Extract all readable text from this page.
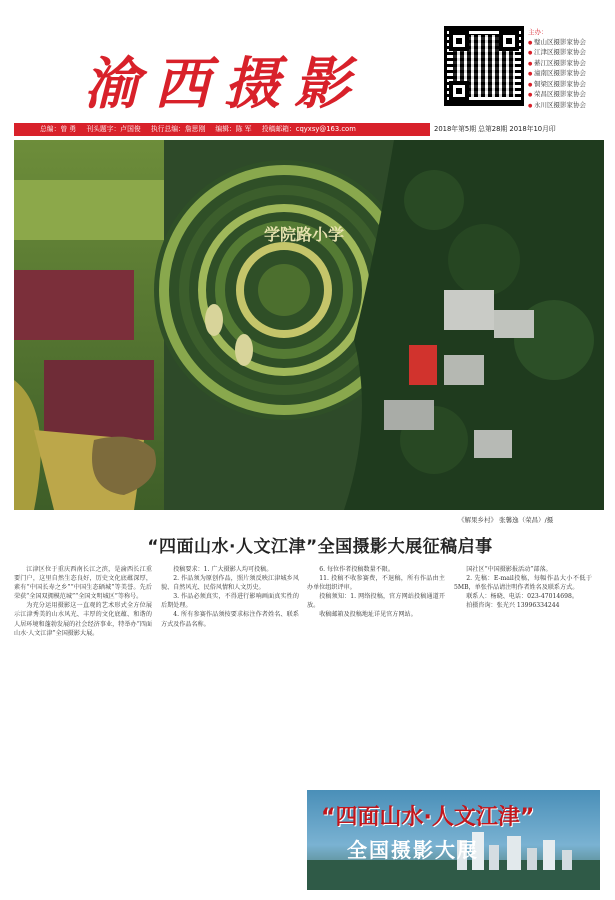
渝西摄影
主办：
● 璧山区摄影家协会
● 江津区摄影家协会
● 綦江区摄影家协会
● 潼南区摄影家协会
● 铜梁区摄影家协会
● 荣昌区摄影家协会
● 永川区摄影家协会
总编：曾 勇 刊头题字：卢国俊 执行总编：詹思刚 编辑：陈 军 投稿邮箱：cqyxsy@163.com	2018年第5期 总第28期 2018年10月印
学院路小学
《解果乡村》 张馨逸（荣昌）/摄
“四面山水·人文江津”全国摄影大展征稿启事

江津区位于重庆西南长江之滨，是渝西长江重要门户，这里自然生态良好，历史文化底蕴深厚，素有“中国长寿之乡”“中国生态硒城”等美誉。先后荣获“全国双拥模范城”“全国文明城区”等称号。

为充分运用摄影这一直观的艺术形式全方位展示江津秀美的山水风光、丰厚的文化底蕴、和谐的人居环境和蓬勃发展的社会经济事业，特举办“四面山水·人文江津”全国摄影大展。

投稿要求：1. 广大摄影人均可投稿。

2. 作品须为原创作品，照片须反映江津城乡风貌、自然风光、民俗风情和人文历史。

3. 作品必须真实，不得进行影响画面真实性的后期处理。

4. 所有参赛作品须按要求标注作者姓名、联系方式及作品名称。

6. 每位作者投稿数量不限。

11. 投稿不收参赛费，不退稿，所有作品由主办单位组织评审。

投稿须知：1. 网络投稿，官方网站投稿通道开放。

收稿邮箱及投稿地址详见官方网站。

国社区“中国摄影报活动”部落。

2. 先稿：E-mail投稿，每幅作品大小不低于5MB，单张作品请注明作者姓名及联系方式。

联系人：杨晓、电话：023-47014698。

拍摄咨询：张光兴 13996334244

“四面山水·人文江津”
全国摄影大展
